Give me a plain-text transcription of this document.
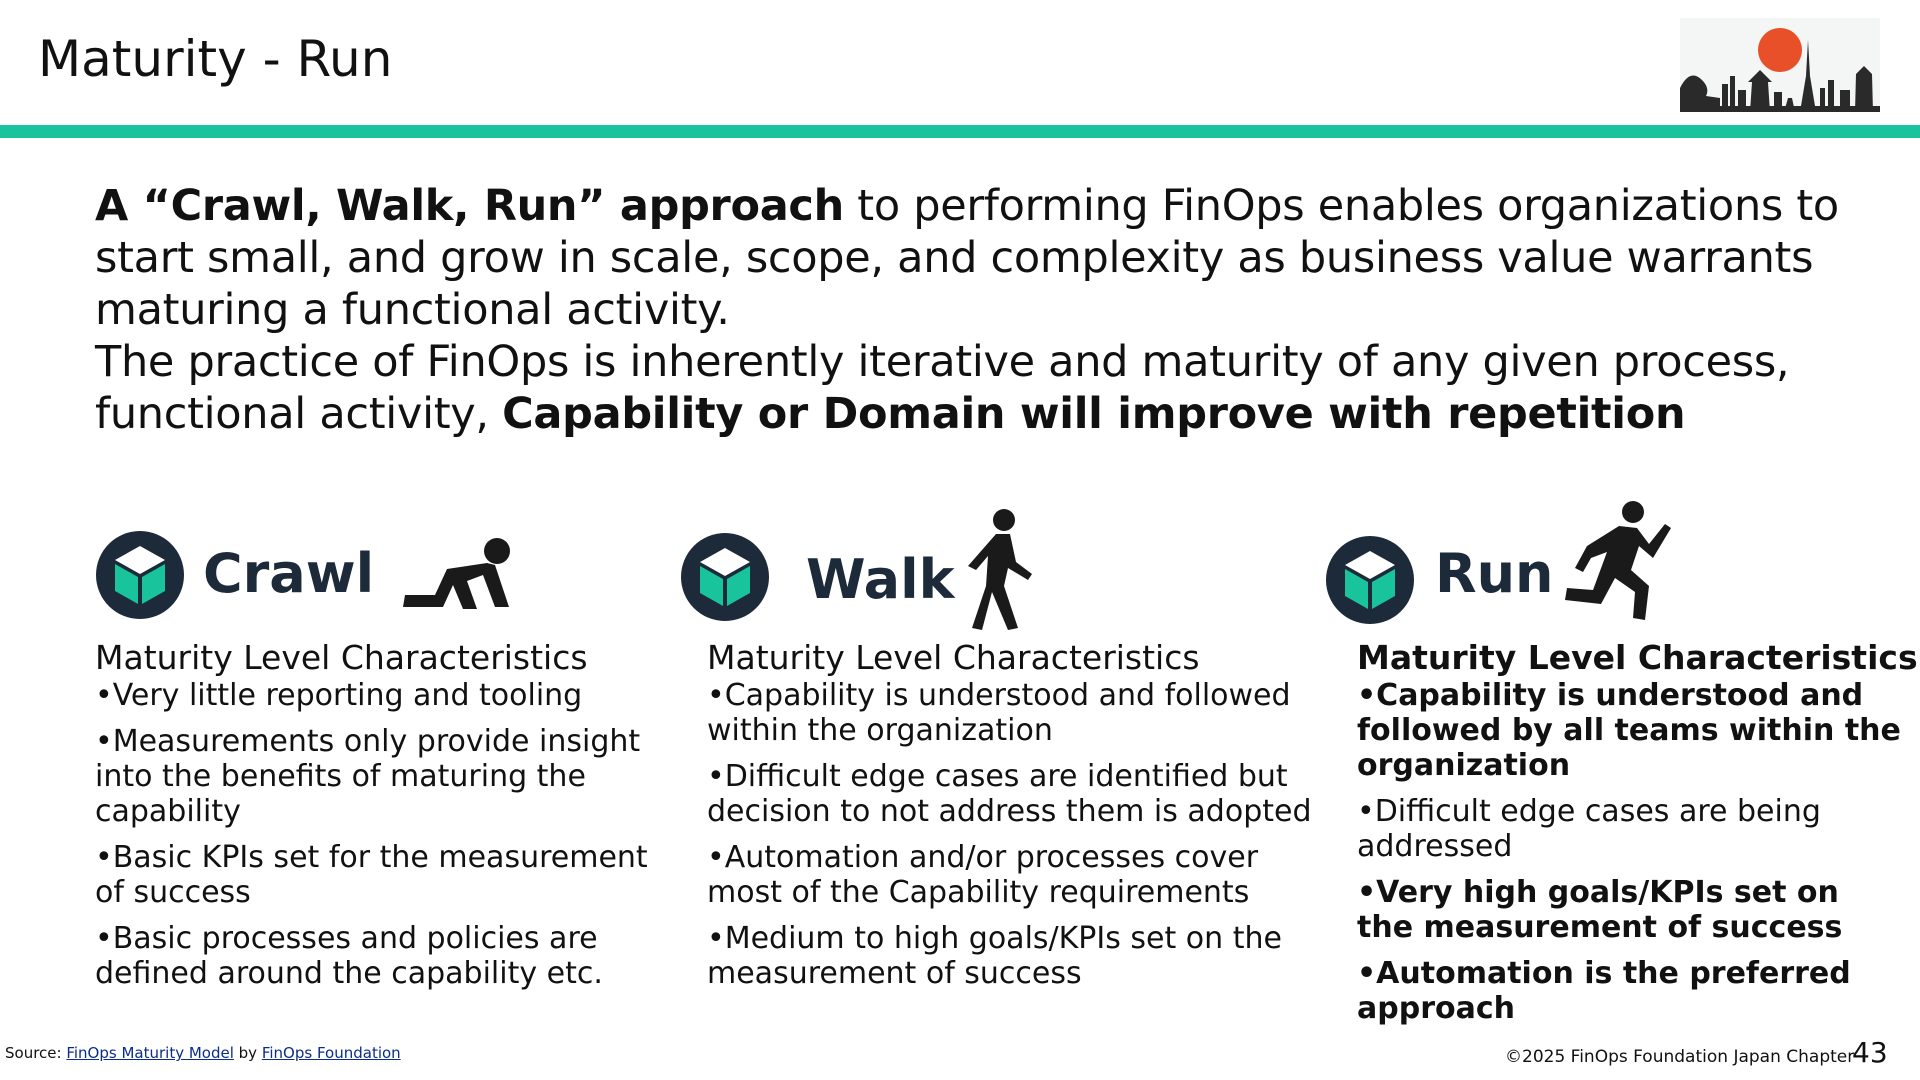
Maturity - Run

A “Crawl, Walk, Run” approach to performing FinOps enables organizations to start small, and grow in scale, scope, and complexity as business value warrants maturing a functional activity.

The practice of FinOps is inherently iterative and maturity of any given process, functional activity, Capability or Domain will improve with repetition

Crawl
Maturity Level Characteristics
•Very little reporting and tooling
•Measurements only provide insight into the benefits of maturing the capability
•Basic KPIs set for the measurement of success
•Basic processes and policies are defined around the capability etc.
Walk
Maturity Level Characteristics
•Capability is understood and followed within the organization
•Difficult edge cases are identified but decision to not address them is adopted
•Automation and/or processes cover most of the Capability requirements
•Medium to high goals/KPIs set on the measurement of success
Run
Maturity Level Characteristics
•Capability is understood and followed by all teams within the organization
•Difficult edge cases are being addressed
•Very high goals/KPIs set on the measurement of success
•Automation is the preferred approach
Source: FinOps Maturity Model by FinOps Foundation	©2025 FinOps Foundation Japan Chapter
43
